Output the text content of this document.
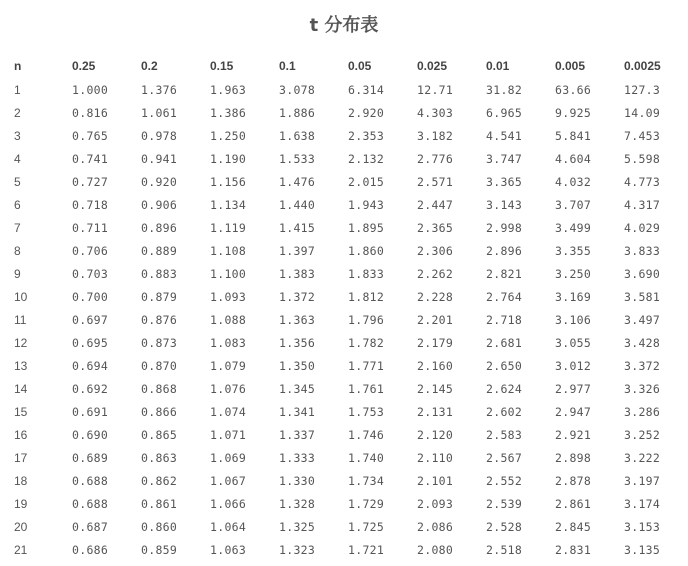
t 分布表
n	0.25	0.2	0.15	0.1	0.05	0.025	0.01	0.005	0.0025
1	1.000	1.376	1.963	3.078	6.314	12.71	31.82	63.66	127.3
2	0.816	1.061	1.386	1.886	2.920	4.303	6.965	9.925	14.09
3	0.765	0.978	1.250	1.638	2.353	3.182	4.541	5.841	7.453
4	0.741	0.941	1.190	1.533	2.132	2.776	3.747	4.604	5.598
5	0.727	0.920	1.156	1.476	2.015	2.571	3.365	4.032	4.773
6	0.718	0.906	1.134	1.440	1.943	2.447	3.143	3.707	4.317
7	0.711	0.896	1.119	1.415	1.895	2.365	2.998	3.499	4.029
8	0.706	0.889	1.108	1.397	1.860	2.306	2.896	3.355	3.833
9	0.703	0.883	1.100	1.383	1.833	2.262	2.821	3.250	3.690
10	0.700	0.879	1.093	1.372	1.812	2.228	2.764	3.169	3.581
11	0.697	0.876	1.088	1.363	1.796	2.201	2.718	3.106	3.497
12	0.695	0.873	1.083	1.356	1.782	2.179	2.681	3.055	3.428
13	0.694	0.870	1.079	1.350	1.771	2.160	2.650	3.012	3.372
14	0.692	0.868	1.076	1.345	1.761	2.145	2.624	2.977	3.326
15	0.691	0.866	1.074	1.341	1.753	2.131	2.602	2.947	3.286
16	0.690	0.865	1.071	1.337	1.746	2.120	2.583	2.921	3.252
17	0.689	0.863	1.069	1.333	1.740	2.110	2.567	2.898	3.222
18	0.688	0.862	1.067	1.330	1.734	2.101	2.552	2.878	3.197
19	0.688	0.861	1.066	1.328	1.729	2.093	2.539	2.861	3.174
20	0.687	0.860	1.064	1.325	1.725	2.086	2.528	2.845	3.153
21	0.686	0.859	1.063	1.323	1.721	2.080	2.518	2.831	3.135
